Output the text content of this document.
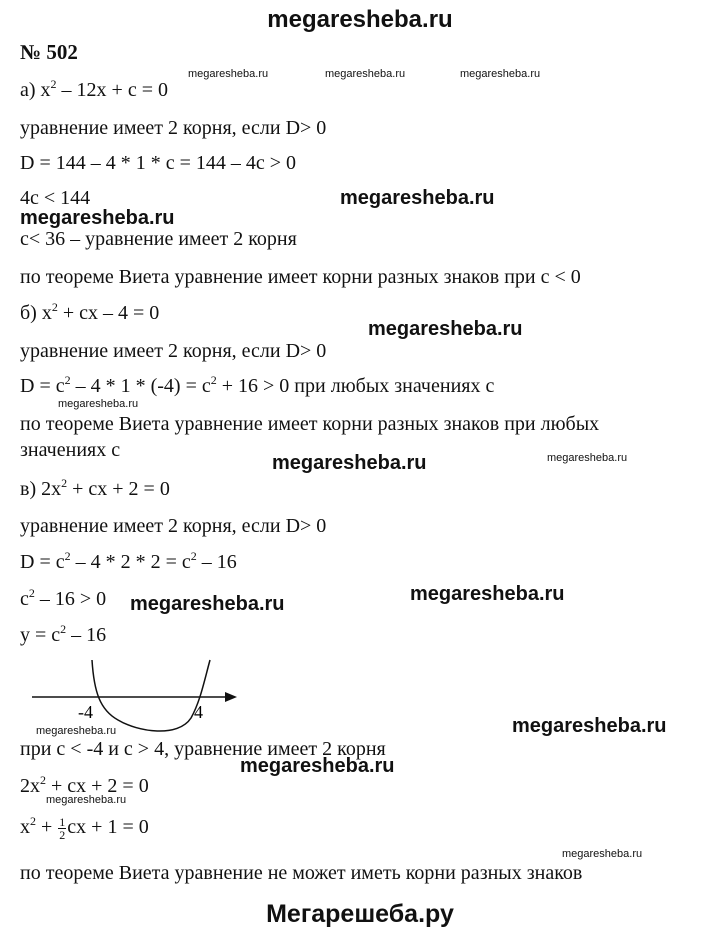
megaresheba.ru
№ 502
а) $x^2 - 12x + c = 0$
megaresheba.ru	megaresheba.ru	megaresheba.ru
уравнение имеет 2 корня, если D> 0
D = 144 – 4 * 1 * c = 144 – 4c > 0
4c < 144	megaresheba.ru
megaresheba.ru
c< 36 – уравнение имеет 2 корня
по теореме Виета уравнение имеет корни разных знаков при c < 0
б) $x^2$ + cx – 4 = 0
megaresheba.ru
уравнение имеет 2 корня, если D> 0
$D = c^2 - 4 * 1 * (-4) = c^2 + 16 > 0$ при любых значениях c
megaresheba.ru
по теореме Виета уравнение имеет корни разных знаков при любых
значениях c
megaresheba.ru	megaresheba.ru
в) $2x^2$ + cx + 2 = 0
уравнение имеет 2 корня, если D> 0
$D = c^2 - 4 * 2 * 2 = c^2 - 16$
$c^2 - 16 > 0$ megaresheba.ru	megaresheba.ru
$y = c^2 - 16$
-4	4
megaresheba.ru	megaresheba.ru
при c < -4 и c > 4, уравнение имеет 2 корня
megaresheba.ru
$2x^2$ + cx + 2 = 0
megaresheba.ru
$x^2 + \frac{1}{2}$ cx + 1 = 0
megaresheba.ru
по теореме Виета уравнение не может иметь корни разных знаков
Мегарешеба.ру
